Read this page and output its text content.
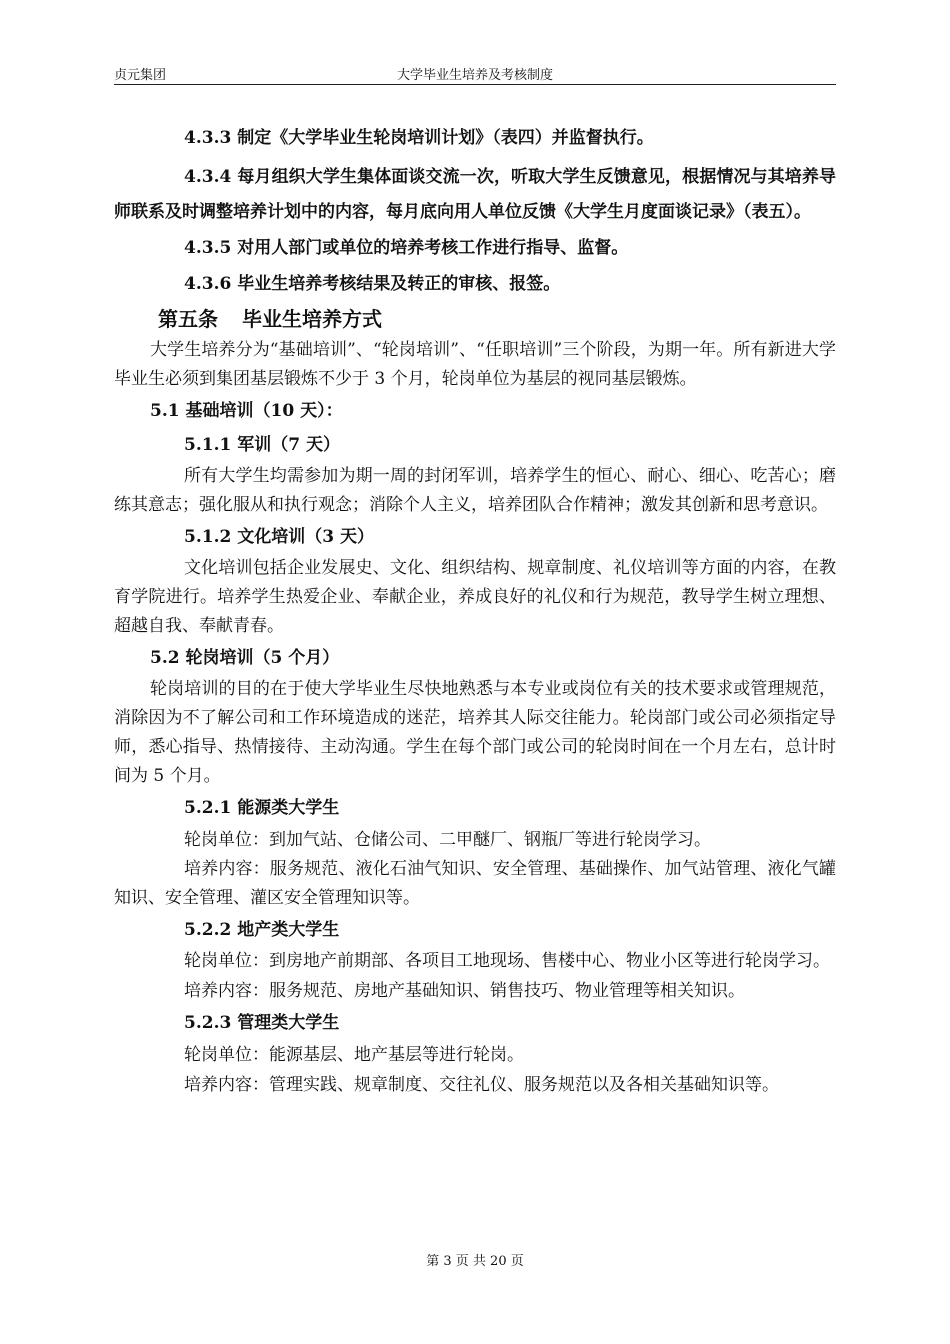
贞元集团	大学毕业生培养及考核制度

4.3.3 制定《大学毕业生轮岗培训计划》（表四）并监督执行。

4.3.4 每月组织大学生集体面谈交流一次，听取大学生反馈意见，根据情况与其培养导师联系及时调整培养计划中的内容，每月底向用人单位反馈《大学生月度面谈记录》（表五）。

4.3.5 对用人部门或单位的培养考核工作进行指导、监督。

4.3.6 毕业生培养考核结果及转正的审核、报签。

第五条 毕业生培养方式

大学生培养分为“基础培训”、“轮岗培训”、“任职培训”三个阶段，为期一年。所有新进大学毕业生必须到集团基层锻炼不少于 3 个月，轮岗单位为基层的视同基层锻炼。

5.1 基础培训（10 天）：

5.1.1 军训（7 天）

所有大学生均需参加为期一周的封闭军训，培养学生的恒心、耐心、细心、吃苦心；磨练其意志；强化服从和执行观念；消除个人主义，培养团队合作精神；激发其创新和思考意识。

5.1.2 文化培训（3 天）

文化培训包括企业发展史、文化、组织结构、规章制度、礼仪培训等方面的内容，在教育学院进行。培养学生热爱企业、奉献企业，养成良好的礼仪和行为规范，教导学生树立理想、超越自我、奉献青春。

5.2 轮岗培训（5 个月）

轮岗培训的目的在于使大学毕业生尽快地熟悉与本专业或岗位有关的技术要求或管理规范，消除因为不了解公司和工作环境造成的迷茫，培养其人际交往能力。轮岗部门或公司必须指定导师，悉心指导、热情接待、主动沟通。学生在每个部门或公司的轮岗时间在一个月左右，总计时间为 5 个月。

5.2.1 能源类大学生

轮岗单位：到加气站、仓储公司、二甲醚厂、钢瓶厂等进行轮岗学习。

培养内容：服务规范、液化石油气知识、安全管理、基础操作、加气站管理、液化气罐知识、安全管理、灌区安全管理知识等。

5.2.2 地产类大学生

轮岗单位：到房地产前期部、各项目工地现场、售楼中心、物业小区等进行轮岗学习。

培养内容：服务规范、房地产基础知识、销售技巧、物业管理等相关知识。

5.2.3 管理类大学生

轮岗单位：能源基层、地产基层等进行轮岗。

培养内容：管理实践、规章制度、交往礼仪、服务规范以及各相关基础知识等。

第 3 页 共 20 页
